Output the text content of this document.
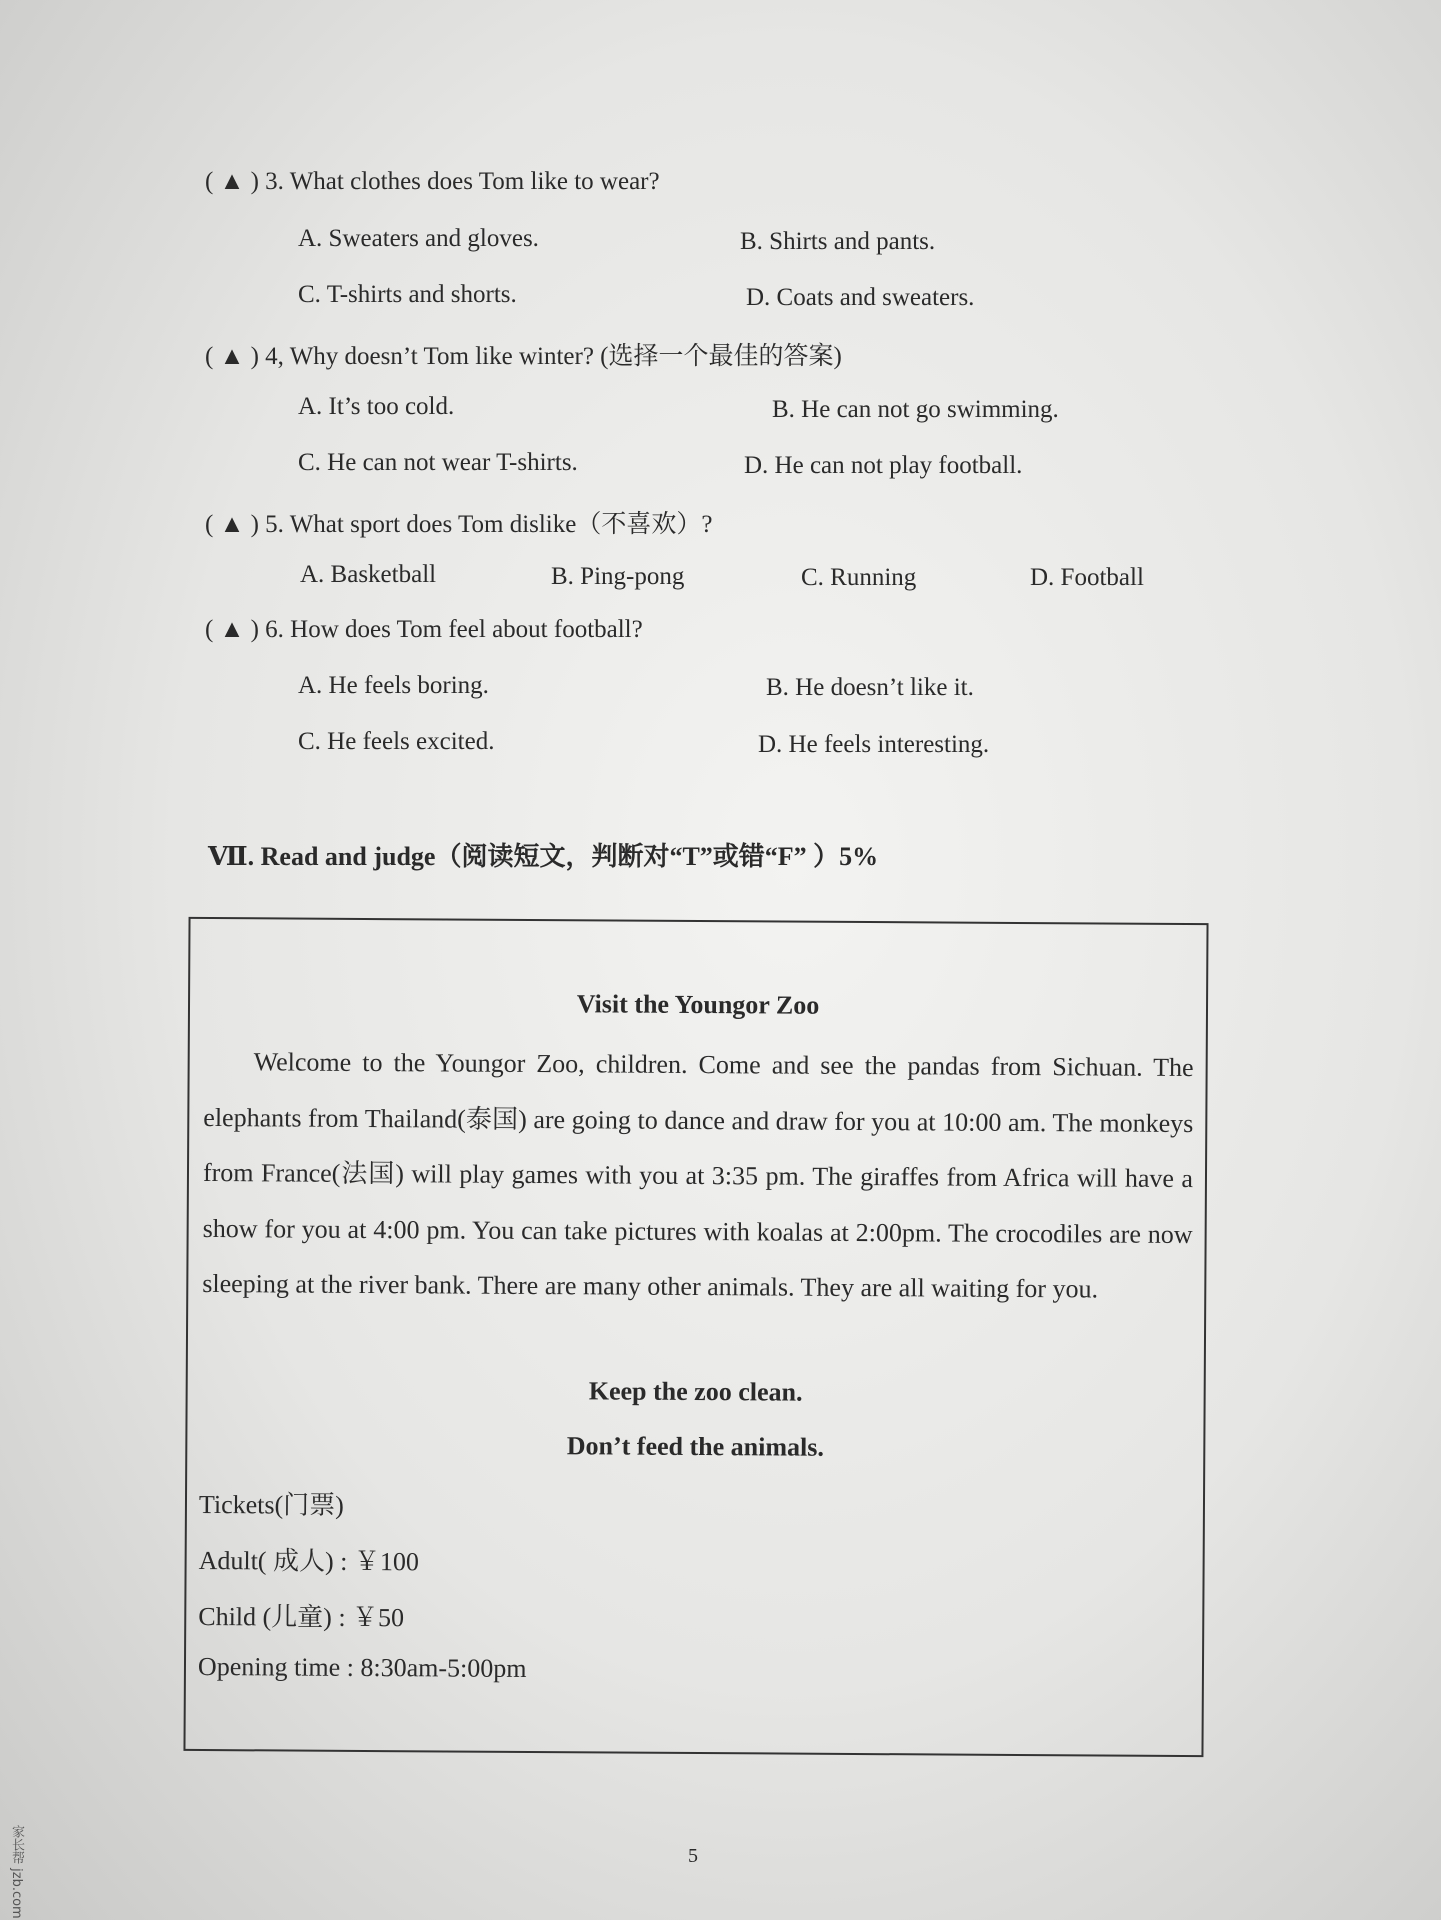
( ▲ ) 3. What clothes does Tom like to wear?
A. Sweaters and gloves.	B. Shirts and pants.
C. T-shirts and shorts.	D. Coats and sweaters.
( ▲ ) 4, Why doesn’t Tom like winter? (选择一个最佳的答案)
A. It’s too cold.	B. He can not go swimming.
C. He can not wear T-shirts.	D. He can not play football.
( ▲ ) 5. What sport does Tom dislike（不喜欢）?
A. Basketball	B. Ping-pong	C. Running	D. Football
( ▲ ) 6. How does Tom feel about football?
A. He feels boring.	B. He doesn’t like it.
C. He feels excited.	D. He feels interesting.
Ⅶ. Read and judge（阅读短文，判断对“T”或错“F” ）5%
Visit the Youngor Zoo

Welcome to the Youngor Zoo, children. Come and see the pandas from Sichuan. The elephants from Thailand(泰国) are going to dance and draw for you at 10:00 am. The monkeys from France(法国) will play games with you at 3:35 pm. The giraffes from Africa will have a show for you at 4:00 pm. You can take pictures with koalas at 2:00pm. The crocodiles are now sleeping at the river bank. There are many other animals. They are all waiting for you.

Keep the zoo clean.
Don’t feed the animals.
Tickets(门票)
Adult( 成人) : ￥100
Child (儿童) : ￥50
Opening time : 8:30am-5:00pm
5
家长帮 jzb.com
